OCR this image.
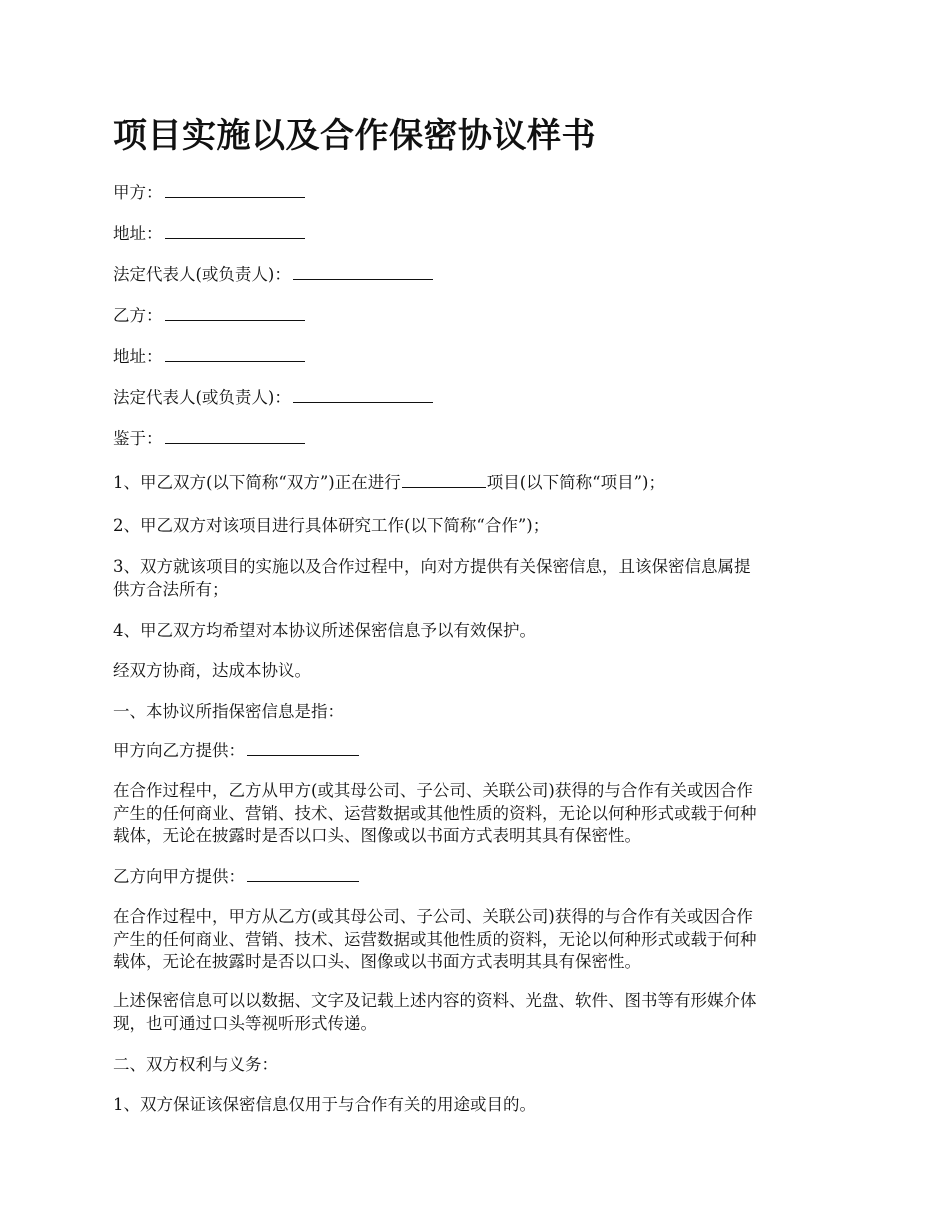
项目实施以及合作保密协议样书

甲方：

地址：

法定代表人(或负责人)：

乙方：

地址：

法定代表人(或负责人)：

鉴于：

1、甲乙双方(以下简称“双方”)正在进行	项目(以下简称“项目”)；

2、甲乙双方对该项目进行具体研究工作(以下简称“合作”)；

3、双方就该项目的实施以及合作过程中，向对方提供有关保密信息，且该保密信息属提
供方合法所有；

4、甲乙双方均希望对本协议所述保密信息予以有效保护。

经双方协商，达成本协议。

一、本协议所指保密信息是指：

甲方向乙方提供：

在合作过程中，乙方从甲方(或其母公司、子公司、关联公司)获得的与合作有关或因合作
产生的任何商业、营销、技术、运营数据或其他性质的资料，无论以何种形式或载于何种
载体，无论在披露时是否以口头、图像或以书面方式表明其具有保密性。

乙方向甲方提供：

在合作过程中，甲方从乙方(或其母公司、子公司、关联公司)获得的与合作有关或因合作
产生的任何商业、营销、技术、运营数据或其他性质的资料，无论以何种形式或载于何种
载体，无论在披露时是否以口头、图像或以书面方式表明其具有保密性。

上述保密信息可以以数据、文字及记载上述内容的资料、光盘、软件、图书等有形媒介体
现，也可通过口头等视听形式传递。

二、双方权利与义务：

1、双方保证该保密信息仅用于与合作有关的用途或目的。
